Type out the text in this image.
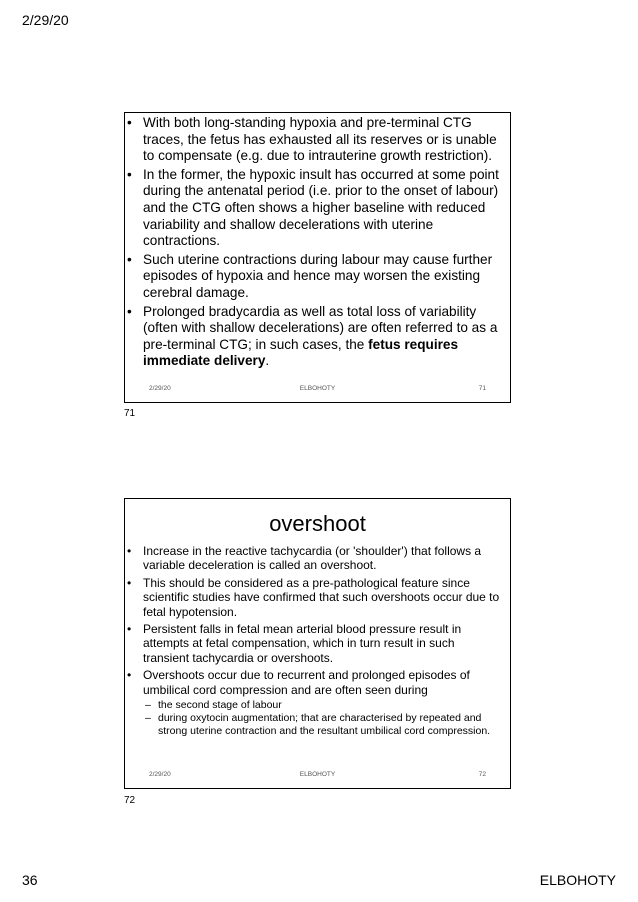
2/29/20
• With both long-standing hypoxia and pre-terminal CTG traces, the fetus has exhausted all its reserves or is unable to compensate (e.g. due to intrauterine growth restriction).
• In the former, the hypoxic insult has occurred at some point during the antenatal period (i.e. prior to the onset of labour) and the CTG often shows a higher baseline with reduced variability and shallow decelerations with uterine contractions.
• Such uterine contractions during labour may cause further episodes of hypoxia and hence may worsen the existing cerebral damage.
• Prolonged bradycardia as well as total loss of variability (often with shallow decelerations) are often referred to as a pre-terminal CTG; in such cases, the fetus requires immediate delivery.
2/29/20	ELBOHOTY	71
71
overshoot
• Increase in the reactive tachycardia (or 'shoulder') that follows a variable deceleration is called an overshoot.
• This should be considered as a pre-pathological feature since scientific studies have confirmed that such overshoots occur due to fetal hypotension.
• Persistent falls in fetal mean arterial blood pressure result in attempts at fetal compensation, which in turn result in such transient tachycardia or overshoots.
• Overshoots occur due to recurrent and prolonged episodes of umbilical cord compression and are often seen during
– the second stage of labour
– during oxytocin augmentation; that are characterised by repeated and strong uterine contraction and the resultant umbilical cord compression.
2/29/20	ELBOHOTY	72
72
36	ELBOHOTY
